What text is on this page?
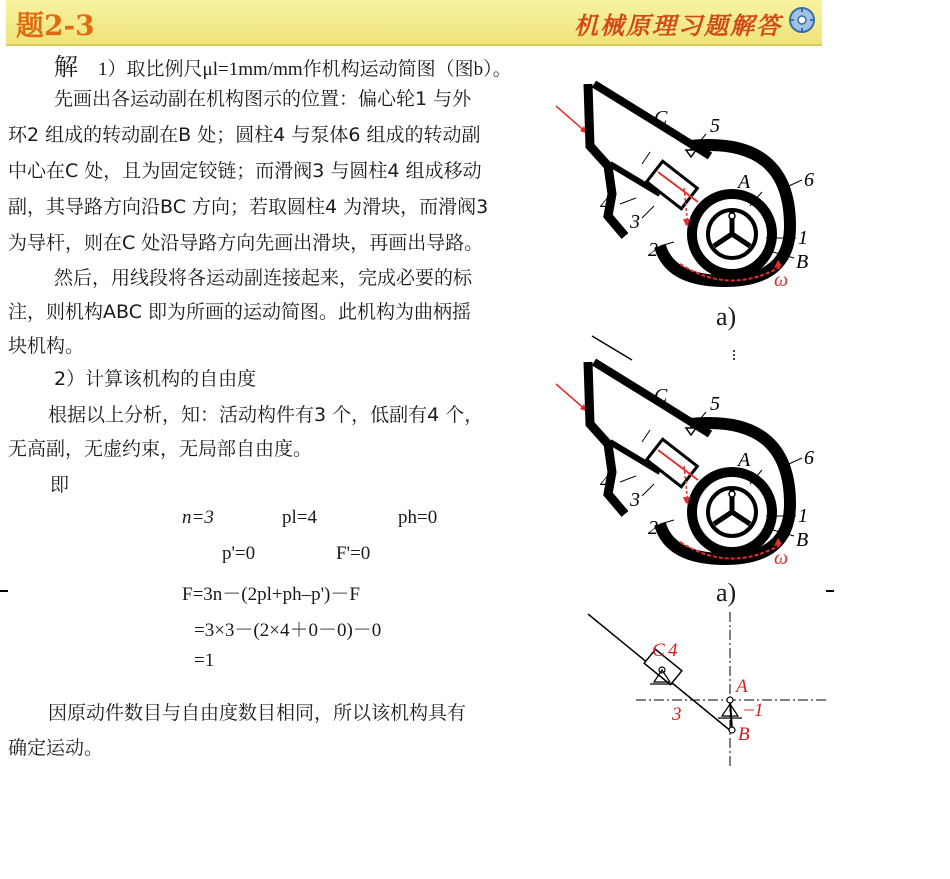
题2-3	机械原理习题解答
解 1）取比例尺μl=1mm/mm作机构运动简图（图b）。
先画出各运动副在机构图示的位置：偏心轮1 与外
环2 组成的转动副在B 处；圆柱4 与泵体6 组成的转动副
中心在C 处，且为固定铰链；而滑阀3 与圆柱4 组成移动
副，其导路方向沿BC 方向；若取圆柱4 为滑块，而滑阀3
为导杆，则在C 处沿导路方向先画出滑块，再画出导路。
然后，用线段将各运动副连接起来，完成必要的标
注，则机构ABC 即为所画的运动简图。此机构为曲柄摇
块机构。
2）计算该机构的自由度
根据以上分析，知：活动构件有3 个，低副有4 个，
无高副，无虚约束，无局部自由度。
即
n=3	pl=4	ph=0
p'=0	F'=0
F=3n－(2pl+ph–p')－F
=3×3－(2×4＋0－0)－0
=1
因原动件数目与自由度数目相同，所以该机构具有
确定运动。
C 5
A	6
4
3
2
1
B
ω
a)
C 5
A	6
4
3
2
1
B
ω
a)
C 4
A
1
3
B
